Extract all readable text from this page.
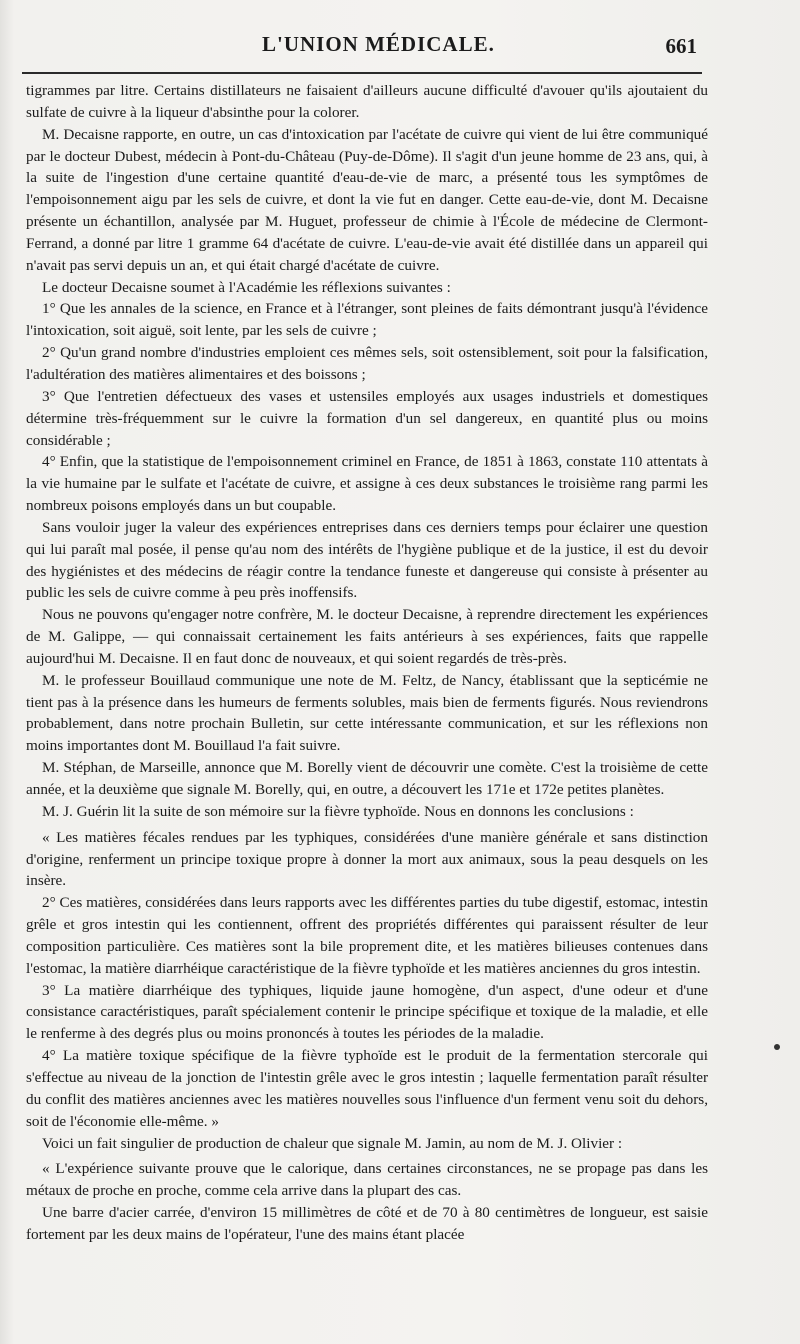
L'UNION MÉDICALE.	661

tigrammes par litre. Certains distillateurs ne faisaient d'ailleurs aucune difficulté d'avouer qu'ils ajoutaient du sulfate de cuivre à la liqueur d'absinthe pour la colorer.

M. Decaisne rapporte, en outre, un cas d'intoxication par l'acétate de cuivre qui vient de lui être communiqué par le docteur Dubest, médecin à Pont-du-Château (Puy-de-Dôme). Il s'agit d'un jeune homme de 23 ans, qui, à la suite de l'ingestion d'une certaine quantité d'eau-de-vie de marc, a présenté tous les symptômes de l'empoisonnement aigu par les sels de cuivre, et dont la vie fut en danger. Cette eau-de-vie, dont M. Decaisne présente un échantillon, analysée par M. Huguet, professeur de chimie à l'École de médecine de Clermont-Ferrand, a donné par litre 1 gramme 64 d'acétate de cuivre. L'eau-de-vie avait été distillée dans un appareil qui n'avait pas servi depuis un an, et qui était chargé d'acétate de cuivre.

Le docteur Decaisne soumet à l'Académie les réflexions suivantes :

1° Que les annales de la science, en France et à l'étranger, sont pleines de faits démontrant jusqu'à l'évidence l'intoxication, soit aiguë, soit lente, par les sels de cuivre ;

2° Qu'un grand nombre d'industries emploient ces mêmes sels, soit ostensiblement, soit pour la falsification, l'adultération des matières alimentaires et des boissons ;

3° Que l'entretien défectueux des vases et ustensiles employés aux usages industriels et domestiques détermine très-fréquemment sur le cuivre la formation d'un sel dangereux, en quantité plus ou moins considérable ;

4° Enfin, que la statistique de l'empoisonnement criminel en France, de 1851 à 1863, constate 110 attentats à la vie humaine par le sulfate et l'acétate de cuivre, et assigne à ces deux substances le troisième rang parmi les nombreux poisons employés dans un but coupable.

Sans vouloir juger la valeur des expériences entreprises dans ces derniers temps pour éclairer une question qui lui paraît mal posée, il pense qu'au nom des intérêts de l'hygiène publique et de la justice, il est du devoir des hygiénistes et des médecins de réagir contre la tendance funeste et dangereuse qui consiste à présenter au public les sels de cuivre comme à peu près inoffensifs.

Nous ne pouvons qu'engager notre confrère, M. le docteur Decaisne, à reprendre directement les expériences de M. Galippe, — qui connaissait certainement les faits antérieurs à ses expériences, faits que rappelle aujourd'hui M. Decaisne. Il en faut donc de nouveaux, et qui soient regardés de très-près.

M. le professeur Bouillaud communique une note de M. Feltz, de Nancy, établissant que la septicémie ne tient pas à la présence dans les humeurs de ferments solubles, mais bien de ferments figurés. Nous reviendrons probablement, dans notre prochain Bulletin, sur cette intéressante communication, et sur les réflexions non moins importantes dont M. Bouillaud l'a fait suivre.

M. Stéphan, de Marseille, annonce que M. Borelly vient de découvrir une comète. C'est la troisième de cette année, et la deuxième que signale M. Borelly, qui, en outre, a découvert les 171e et 172e petites planètes.

M. J. Guérin lit la suite de son mémoire sur la fièvre typhoïde. Nous en donnons les conclusions :

« Les matières fécales rendues par les typhiques, considérées d'une manière générale et sans distinction d'origine, renferment un principe toxique propre à donner la mort aux animaux, sous la peau desquels on les insère.

2° Ces matières, considérées dans leurs rapports avec les différentes parties du tube digestif, estomac, intestin grêle et gros intestin qui les contiennent, offrent des propriétés différentes qui paraissent résulter de leur composition particulière. Ces matières sont la bile proprement dite, et les matières bilieuses contenues dans l'estomac, la matière diarrhéique caractéristique de la fièvre typhoïde et les matières anciennes du gros intestin.

3° La matière diarrhéique des typhiques, liquide jaune homogène, d'un aspect, d'une odeur et d'une consistance caractéristiques, paraît spécialement contenir le principe spécifique et toxique de la maladie, et elle le renferme à des degrés plus ou moins prononcés à toutes les périodes de la maladie.

4° La matière toxique spécifique de la fièvre typhoïde est le produit de la fermentation stercorale qui s'effectue au niveau de la jonction de l'intestin grêle avec le gros intestin ; laquelle fermentation paraît résulter du conflit des matières anciennes avec les matières nouvelles sous l'influence d'un ferment venu soit du dehors, soit de l'économie elle-même. »

Voici un fait singulier de production de chaleur que signale M. Jamin, au nom de M. J. Olivier :

« L'expérience suivante prouve que le calorique, dans certaines circonstances, ne se propage pas dans les métaux de proche en proche, comme cela arrive dans la plupart des cas.

Une barre d'acier carrée, d'environ 15 millimètres de côté et de 70 à 80 centimètres de longueur, est saisie fortement par les deux mains de l'opérateur, l'une des mains étant placée
